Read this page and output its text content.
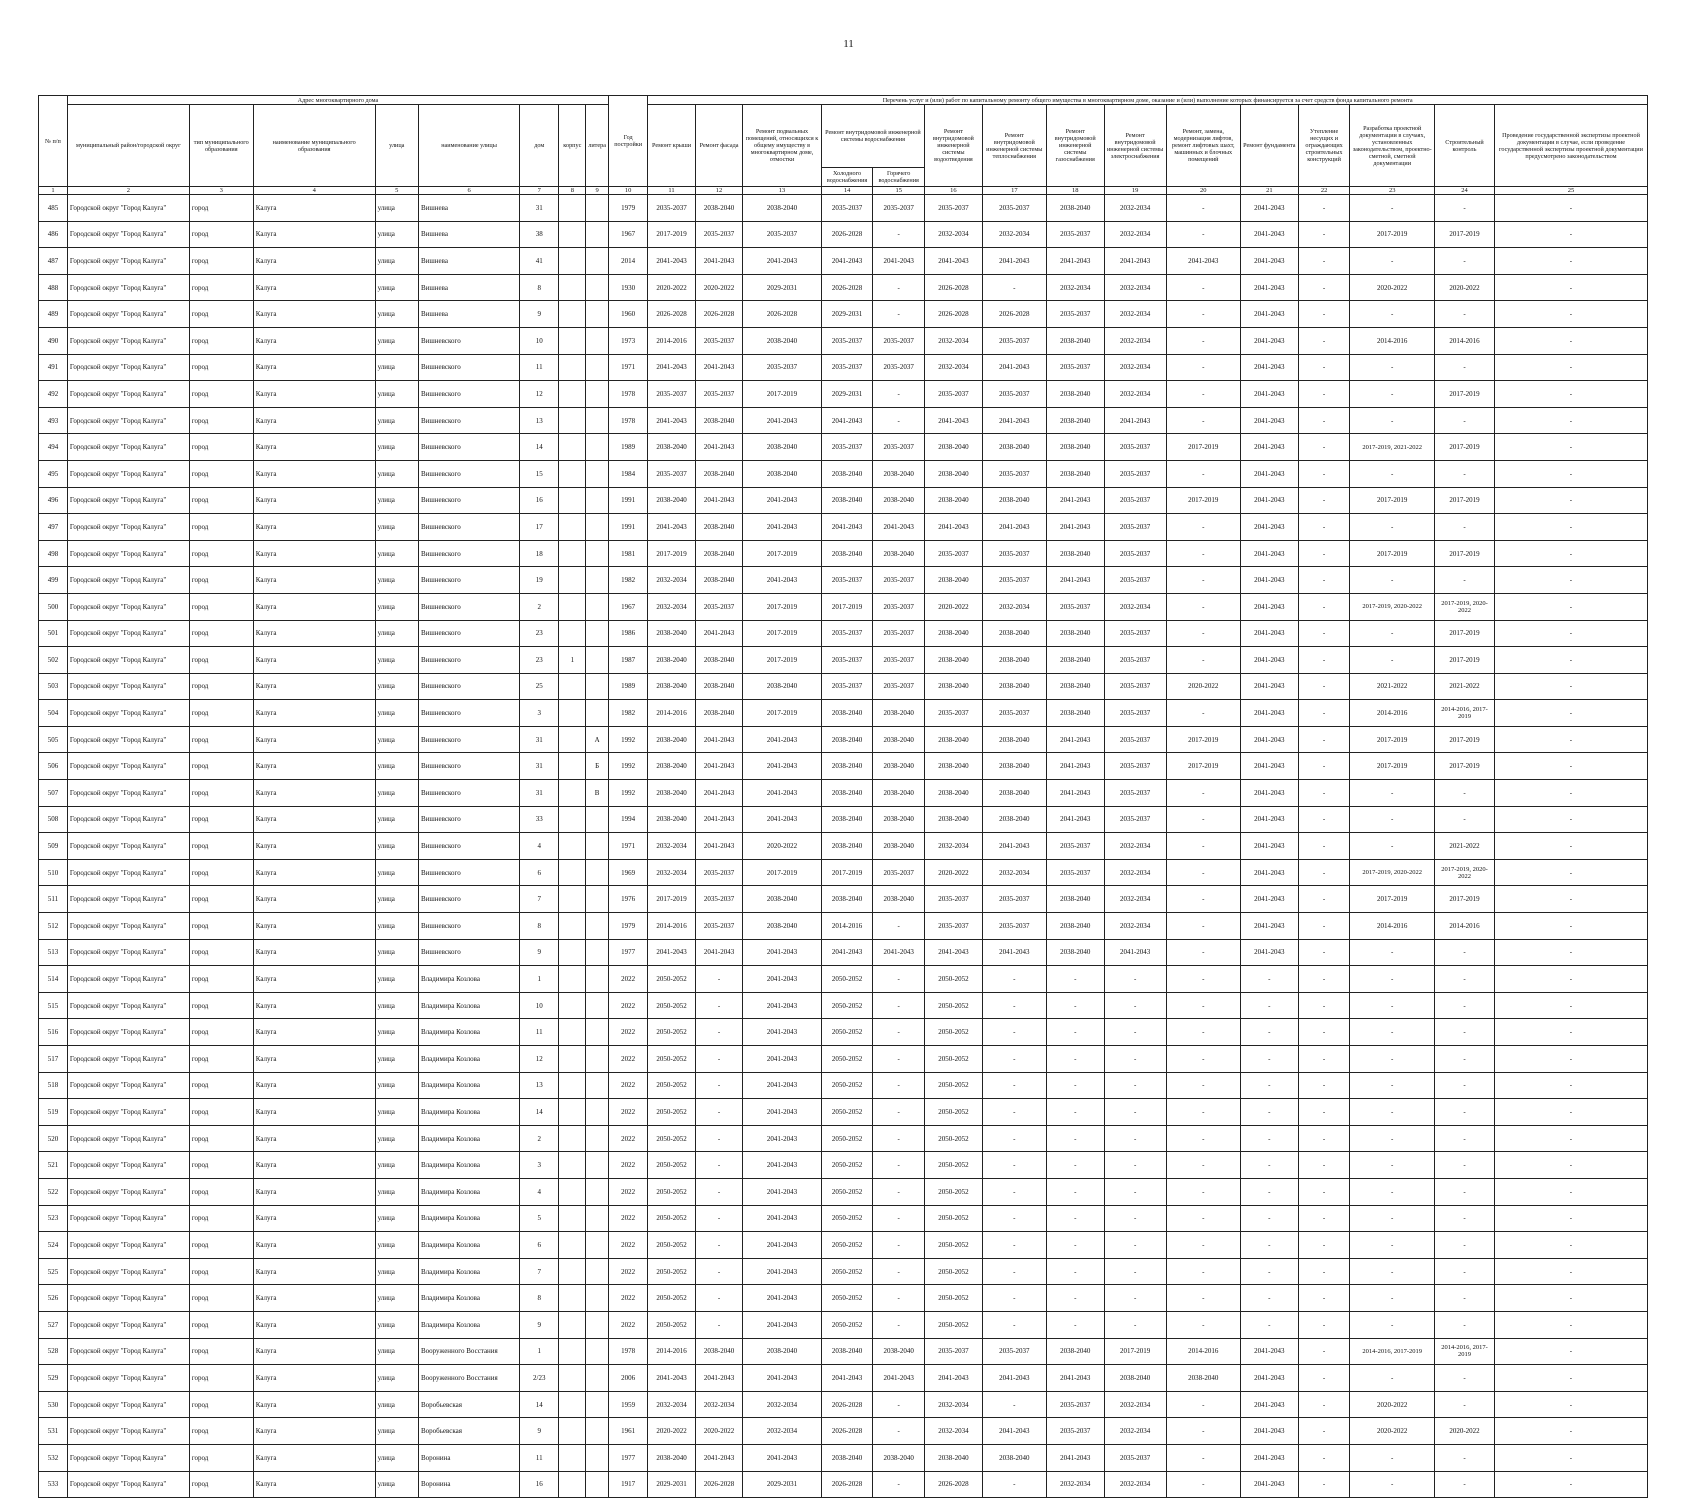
11
№ п/п	Адрес многоквартирного дома								Год постройки	Перечень услуг и (или) работ по капитальному ремонту общего имущества в многоквартирном доме, оказание и (или) выполнение которых финансируется за счет средств фонда капитального ремонта														
	муниципальный район/городской округ	тип муниципального образования	наименование муниципального образования	улица	наименование улицы	дом	корпус	литера		Ремонт крыши	Ремонт фасада	Ремонт подвальных помещений, относящихся к общему имуществу в многоквартирном доме, отмостки	Ремонт внутридомовой инженерной системы водоснабжения		Ремонт внутридомовой инженерной системы водоотведения	Ремонт внутридомовой инженерной системы теплоснабжения	Ремонт внутридомовой инженерной системы газоснабжения	Ремонт внутридомовой инженерной системы электроснабжения	Ремонт, замена, модернизация лифтов, ремонт лифтовых шахт, машинных и блочных помещений	Ремонт фундамента	Утепление несущих и ограждающих строительных конструкций	Разработка проектной документации в случаях, установленных законодательством, проектно-сметной, сметной документации	Строительный контроль	Проведение государственной экспертизы проектной документации в случае, если проведение государственной экспертизы проектной документации предусмотрено законодательством
													Холодного водоснабжения	Горячего водоснабжения										
1	2	3	4	5	6	7	8	9	10	11	12	13	14	15	16	17	18	19	20	21	22	23	24	25
485	Городской округ "Город Калуга"	город	Калуга	улица	Вишнева	31			1979	2035-2037	2038-2040	2038-2040	2035-2037	2035-2037	2035-2037	2035-2037	2038-2040	2032-2034	-	2041-2043	-	-	-	-
486	Городской округ "Город Калуга"	город	Калуга	улица	Вишнева	38			1967	2017-2019	2035-2037	2035-2037	2026-2028	-	2032-2034	2032-2034	2035-2037	2032-2034	-	2041-2043	-	2017-2019	2017-2019	-
487	Городской округ "Город Калуга"	город	Калуга	улица	Вишнева	41			2014	2041-2043	2041-2043	2041-2043	2041-2043	2041-2043	2041-2043	2041-2043	2041-2043	2041-2043	2041-2043	2041-2043	-	-	-	-
488	Городской округ "Город Калуга"	город	Калуга	улица	Вишнева	8			1930	2020-2022	2020-2022	2029-2031	2026-2028	-	2026-2028	-	2032-2034	2032-2034	-	2041-2043	-	2020-2022	2020-2022	-
489	Городской округ "Город Калуга"	город	Калуга	улица	Вишнева	9			1960	2026-2028	2026-2028	2026-2028	2029-2031	-	2026-2028	2026-2028	2035-2037	2032-2034	-	2041-2043	-	-	-	-
490	Городской округ "Город Калуга"	город	Калуга	улица	Вишневского	10			1973	2014-2016	2035-2037	2038-2040	2035-2037	2035-2037	2032-2034	2035-2037	2038-2040	2032-2034	-	2041-2043	-	2014-2016	2014-2016	-
491	Городской округ "Город Калуга"	город	Калуга	улица	Вишневского	11			1971	2041-2043	2041-2043	2035-2037	2035-2037	2035-2037	2032-2034	2041-2043	2035-2037	2032-2034	-	2041-2043	-	-	-	-
492	Городской округ "Город Калуга"	город	Калуга	улица	Вишневского	12			1978	2035-2037	2035-2037	2017-2019	2029-2031	-	2035-2037	2035-2037	2038-2040	2032-2034	-	2041-2043	-	-	2017-2019	-
493	Городской округ "Город Калуга"	город	Калуга	улица	Вишневского	13			1978	2041-2043	2038-2040	2041-2043	2041-2043	-	2041-2043	2041-2043	2038-2040	2041-2043	-	2041-2043	-	-	-	-
494	Городской округ "Город Калуга"	город	Калуга	улица	Вишневского	14			1989	2038-2040	2041-2043	2038-2040	2035-2037	2035-2037	2038-2040	2038-2040	2038-2040	2035-2037	2017-2019	2041-2043	-	2017-2019, 2021-2022	2017-2019	-
495	Городской округ "Город Калуга"	город	Калуга	улица	Вишневского	15			1984	2035-2037	2038-2040	2038-2040	2038-2040	2038-2040	2038-2040	2035-2037	2038-2040	2035-2037	-	2041-2043	-	-	-	-
496	Городской округ "Город Калуга"	город	Калуга	улица	Вишневского	16			1991	2038-2040	2041-2043	2041-2043	2038-2040	2038-2040	2038-2040	2038-2040	2041-2043	2035-2037	2017-2019	2041-2043	-	2017-2019	2017-2019	-
497	Городской округ "Город Калуга"	город	Калуга	улица	Вишневского	17			1991	2041-2043	2038-2040	2041-2043	2041-2043	2041-2043	2041-2043	2041-2043	2041-2043	2035-2037	-	2041-2043	-	-	-	-
498	Городской округ "Город Калуга"	город	Калуга	улица	Вишневского	18			1981	2017-2019	2038-2040	2017-2019	2038-2040	2038-2040	2035-2037	2035-2037	2038-2040	2035-2037	-	2041-2043	-	2017-2019	2017-2019	-
499	Городской округ "Город Калуга"	город	Калуга	улица	Вишневского	19			1982	2032-2034	2038-2040	2041-2043	2035-2037	2035-2037	2038-2040	2035-2037	2041-2043	2035-2037	-	2041-2043	-	-	-	-
500	Городской округ "Город Калуга"	город	Калуга	улица	Вишневского	2			1967	2032-2034	2035-2037	2017-2019	2017-2019	2035-2037	2020-2022	2032-2034	2035-2037	2032-2034	-	2041-2043	-	2017-2019, 2020-2022	2017-2019, 2020-2022	-
501	Городской округ "Город Калуга"	город	Калуга	улица	Вишневского	23			1986	2038-2040	2041-2043	2017-2019	2035-2037	2035-2037	2038-2040	2038-2040	2038-2040	2035-2037	-	2041-2043	-	-	2017-2019	-
502	Городской округ "Город Калуга"	город	Калуга	улица	Вишневского	23	1		1987	2038-2040	2038-2040	2017-2019	2035-2037	2035-2037	2038-2040	2038-2040	2038-2040	2035-2037	-	2041-2043	-	-	2017-2019	-
503	Городской округ "Город Калуга"	город	Калуга	улица	Вишневского	25			1989	2038-2040	2038-2040	2038-2040	2035-2037	2035-2037	2038-2040	2038-2040	2038-2040	2035-2037	2020-2022	2041-2043	-	2021-2022	2021-2022	-
504	Городской округ "Город Калуга"	город	Калуга	улица	Вишневского	3			1982	2014-2016	2038-2040	2017-2019	2038-2040	2038-2040	2035-2037	2035-2037	2038-2040	2035-2037	-	2041-2043	-	2014-2016	2014-2016, 2017-2019	-
505	Городской округ "Город Калуга"	город	Калуга	улица	Вишневского	31		А	1992	2038-2040	2041-2043	2041-2043	2038-2040	2038-2040	2038-2040	2038-2040	2041-2043	2035-2037	2017-2019	2041-2043	-	2017-2019	2017-2019	-
506	Городской округ "Город Калуга"	город	Калуга	улица	Вишневского	31		Б	1992	2038-2040	2041-2043	2041-2043	2038-2040	2038-2040	2038-2040	2038-2040	2041-2043	2035-2037	2017-2019	2041-2043	-	2017-2019	2017-2019	-
507	Городской округ "Город Калуга"	город	Калуга	улица	Вишневского	31		В	1992	2038-2040	2041-2043	2041-2043	2038-2040	2038-2040	2038-2040	2038-2040	2041-2043	2035-2037	-	2041-2043	-	-	-	-
508	Городской округ "Город Калуга"	город	Калуга	улица	Вишневского	33			1994	2038-2040	2041-2043	2041-2043	2038-2040	2038-2040	2038-2040	2038-2040	2041-2043	2035-2037	-	2041-2043	-	-	-	-
509	Городской округ "Город Калуга"	город	Калуга	улица	Вишневского	4			1971	2032-2034	2041-2043	2020-2022	2038-2040	2038-2040	2032-2034	2041-2043	2035-2037	2032-2034	-	2041-2043	-	-	2021-2022	-
510	Городской округ "Город Калуга"	город	Калуга	улица	Вишневского	6			1969	2032-2034	2035-2037	2017-2019	2017-2019	2035-2037	2020-2022	2032-2034	2035-2037	2032-2034	-	2041-2043	-	2017-2019, 2020-2022	2017-2019, 2020-2022	-
511	Городской округ "Город Калуга"	город	Калуга	улица	Вишневского	7			1976	2017-2019	2035-2037	2038-2040	2038-2040	2038-2040	2035-2037	2035-2037	2038-2040	2032-2034	-	2041-2043	-	2017-2019	2017-2019	-
512	Городской округ "Город Калуга"	город	Калуга	улица	Вишневского	8			1979	2014-2016	2035-2037	2038-2040	2014-2016	-	2035-2037	2035-2037	2038-2040	2032-2034	-	2041-2043	-	2014-2016	2014-2016	-
513	Городской округ "Город Калуга"	город	Калуга	улица	Вишневского	9			1977	2041-2043	2041-2043	2041-2043	2041-2043	2041-2043	2041-2043	2041-2043	2038-2040	2041-2043	-	2041-2043	-	-	-	-
514	Городской округ "Город Калуга"	город	Калуга	улица	Владимира Козлова	1			2022	2050-2052	-	2041-2043	2050-2052	-	2050-2052	-	-	-	-	-	-	-	-	-
515	Городской округ "Город Калуга"	город	Калуга	улица	Владимира Козлова	10			2022	2050-2052	-	2041-2043	2050-2052	-	2050-2052	-	-	-	-	-	-	-	-	-
516	Городской округ "Город Калуга"	город	Калуга	улица	Владимира Козлова	11			2022	2050-2052	-	2041-2043	2050-2052	-	2050-2052	-	-	-	-	-	-	-	-	-
517	Городской округ "Город Калуга"	город	Калуга	улица	Владимира Козлова	12			2022	2050-2052	-	2041-2043	2050-2052	-	2050-2052	-	-	-	-	-	-	-	-	-
518	Городской округ "Город Калуга"	город	Калуга	улица	Владимира Козлова	13			2022	2050-2052	-	2041-2043	2050-2052	-	2050-2052	-	-	-	-	-	-	-	-	-
519	Городской округ "Город Калуга"	город	Калуга	улица	Владимира Козлова	14			2022	2050-2052	-	2041-2043	2050-2052	-	2050-2052	-	-	-	-	-	-	-	-	-
520	Городской округ "Город Калуга"	город	Калуга	улица	Владимира Козлова	2			2022	2050-2052	-	2041-2043	2050-2052	-	2050-2052	-	-	-	-	-	-	-	-	-
521	Городской округ "Город Калуга"	город	Калуга	улица	Владимира Козлова	3			2022	2050-2052	-	2041-2043	2050-2052	-	2050-2052	-	-	-	-	-	-	-	-	-
522	Городской округ "Город Калуга"	город	Калуга	улица	Владимира Козлова	4			2022	2050-2052	-	2041-2043	2050-2052	-	2050-2052	-	-	-	-	-	-	-	-	-
523	Городской округ "Город Калуга"	город	Калуга	улица	Владимира Козлова	5			2022	2050-2052	-	2041-2043	2050-2052	-	2050-2052	-	-	-	-	-	-	-	-	-
524	Городской округ "Город Калуга"	город	Калуга	улица	Владимира Козлова	6			2022	2050-2052	-	2041-2043	2050-2052	-	2050-2052	-	-	-	-	-	-	-	-	-
525	Городской округ "Город Калуга"	город	Калуга	улица	Владимира Козлова	7			2022	2050-2052	-	2041-2043	2050-2052	-	2050-2052	-	-	-	-	-	-	-	-	-
526	Городской округ "Город Калуга"	город	Калуга	улица	Владимира Козлова	8			2022	2050-2052	-	2041-2043	2050-2052	-	2050-2052	-	-	-	-	-	-	-	-	-
527	Городской округ "Город Калуга"	город	Калуга	улица	Владимира Козлова	9			2022	2050-2052	-	2041-2043	2050-2052	-	2050-2052	-	-	-	-	-	-	-	-	-
528	Городской округ "Город Калуга"	город	Калуга	улица	Вооруженного Восстания	1			1978	2014-2016	2038-2040	2038-2040	2038-2040	2038-2040	2035-2037	2035-2037	2038-2040	2017-2019	2014-2016	2041-2043	-	2014-2016, 2017-2019	2014-2016, 2017-2019	-
529	Городской округ "Город Калуга"	город	Калуга	улица	Вооруженного Восстания	2/23			2006	2041-2043	2041-2043	2041-2043	2041-2043	2041-2043	2041-2043	2041-2043	2041-2043	2038-2040	2038-2040	2041-2043	-	-	-	-
530	Городской округ "Город Калуга"	город	Калуга	улица	Воробьевская	14			1959	2032-2034	2032-2034	2032-2034	2026-2028	-	2032-2034	-	2035-2037	2032-2034	-	2041-2043	-	2020-2022	-	-
531	Городской округ "Город Калуга"	город	Калуга	улица	Воробьевская	9			1961	2020-2022	2020-2022	2032-2034	2026-2028	-	2032-2034	2041-2043	2035-2037	2032-2034	-	2041-2043	-	2020-2022	2020-2022	-
532	Городской округ "Город Калуга"	город	Калуга	улица	Воронина	11			1977	2038-2040	2041-2043	2041-2043	2038-2040	2038-2040	2038-2040	2038-2040	2041-2043	2035-2037	-	2041-2043	-	-	-	-
533	Городской округ "Город Калуга"	город	Калуга	улица	Воронина	16			1917	2029-2031	2026-2028	2029-2031	2026-2028	-	2026-2028	-	2032-2034	2032-2034	-	2041-2043	-	-	-	-
